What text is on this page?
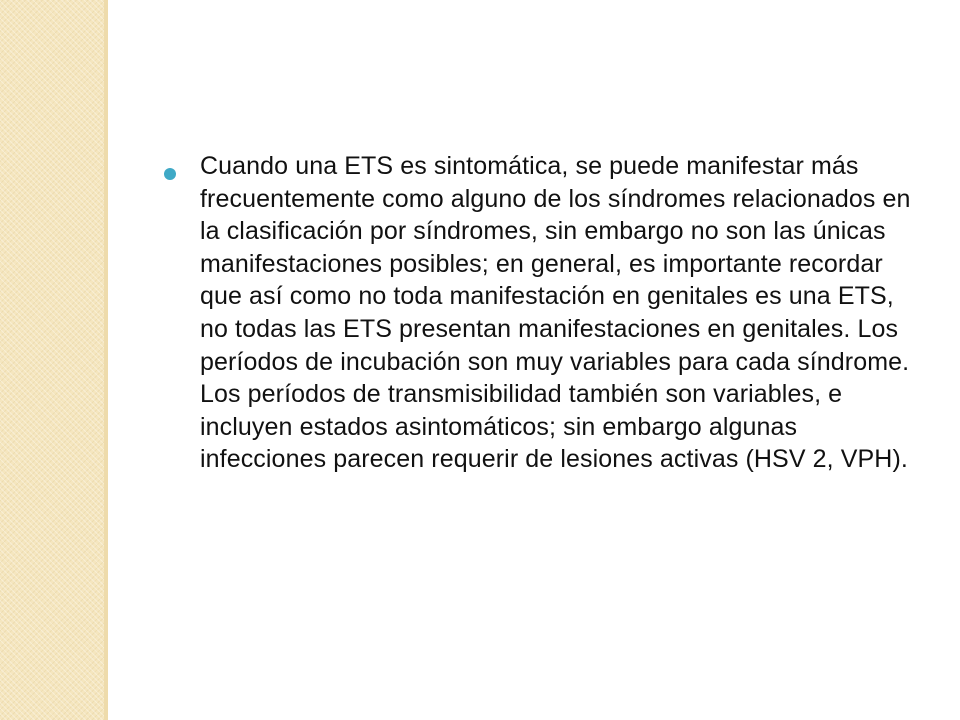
Cuando una ETS es sintomática, se puede manifestar más frecuentemente como alguno de los síndromes relacionados en la clasificación por síndromes, sin embargo no son las únicas manifestaciones posibles; en general, es importante recordar que así como no toda manifestación en genitales es una ETS, no todas las ETS presentan manifestaciones en genitales. Los períodos de incubación son muy variables para cada síndrome. Los períodos de transmisibilidad también son variables, e incluyen estados asintomáticos; sin embargo algunas infecciones parecen requerir de lesiones activas (HSV 2, VPH).
